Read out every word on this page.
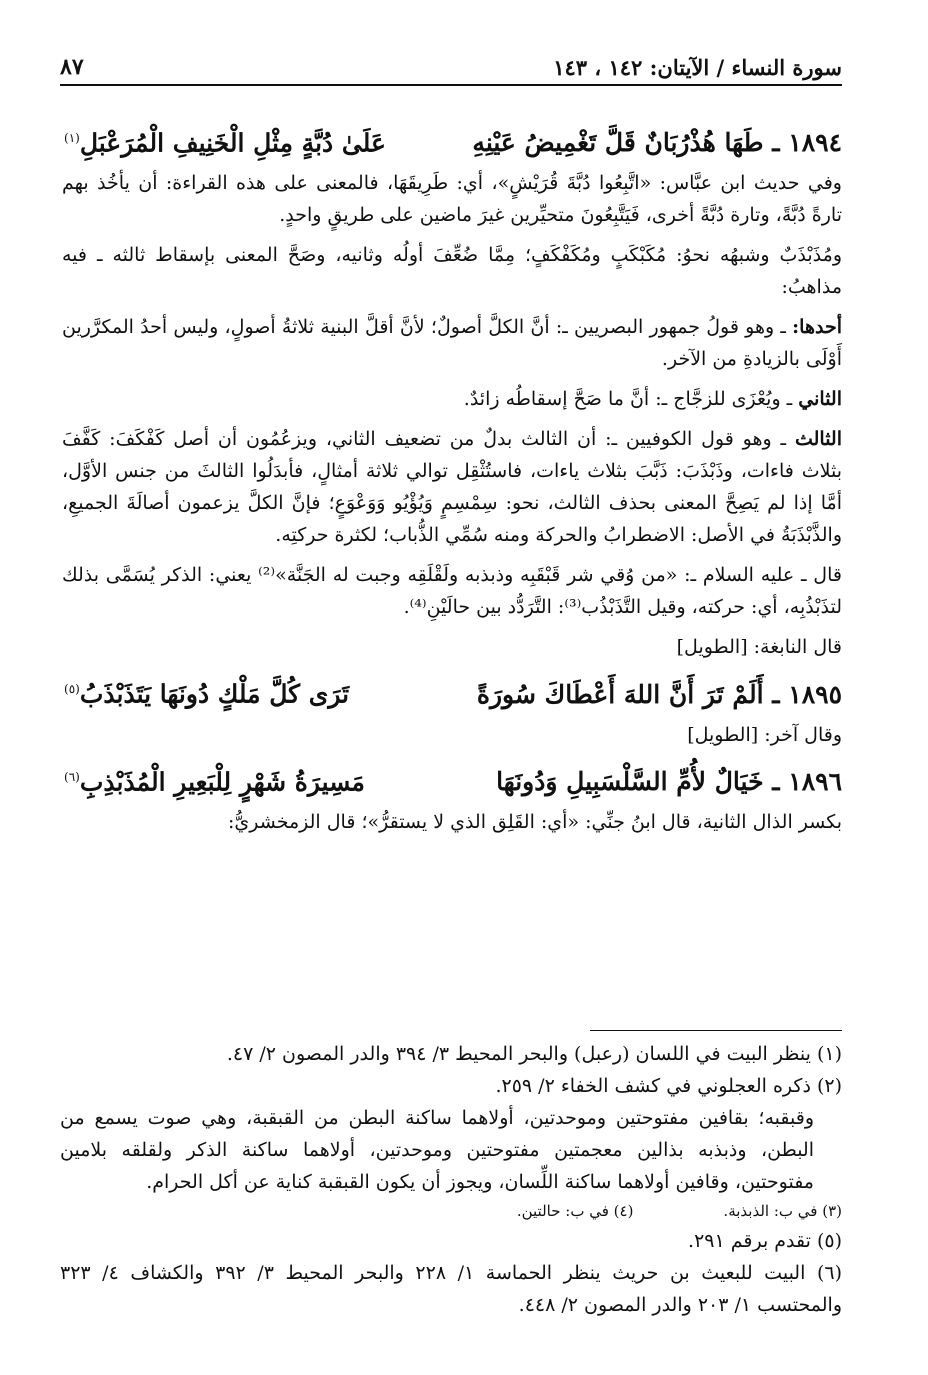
سورة النساء / الآيتان: ١٤٢ ، ١٤٣
٨٧
١٨٩٤ ـ طَهَا هُذْرُبَانٌ قَلَّ تَغْمِيضُ عَيْنِهِ
عَلَىٰ دُبَّةٍ مِثْلِ الْخَنِيفِ الْمُرَعْبَلِ$^{(١)}$

وفي حديث ابن عبَّاس: «اتَّبِعُوا دُبَّةَ قُرَيْشٍ»، أي: طَرِيقَهَا، فالمعنى على هذه القراءة: أن يأخُذ بهم تارةً دُبَّةً، وتارة دُبَّةً أخرى، فَيَتَّبِعُونَ متحيِّرين غيرَ ماضين على طريقٍ واحدٍ.

ومُذَبْذَبٌ وشبهُه نحوُ: مُكَبْكَبٍ ومُكَفْكَفٍ؛ مِمَّا ضُعِّفَ أولُه وثانيه، وصَحَّ المعنى بإسقاط ثالثه ـ فيه مذاهبُ:

أحدها: ـ وهو قولُ جمهور البصريين ـ: أنَّ الكلَّ أصولٌ؛ لأنَّ أقلَّ البنية ثلاثةُ أصولٍ، وليس أحدُ المكرَّرين أَوْلَى بالزيادةِ من الآخر.

الثاني ـ ويُعْزَى للزجَّاج ـ: أنَّ ما صَحَّ إسقاطُه زائدٌ.

الثالث ـ وهو قول الكوفيين ـ: أن الثالث بدلٌ من تضعيف الثاني، ويزعُمُون أن أصل كَفْكَفَ: كَفَّفَ بثلاث فاءات، وذَبْذَبَ: ذَبَّبَ بثلاث ياءات، فاستُثْقِل توالي ثلاثة أمثالٍ، فأبدَلُوا الثالثَ من جنس الأوَّل، أمَّا إذا لم يَصِحَّ المعنى بحذف الثالث، نحو: سِمْسِمٍ وَيُؤْيُو وَوَعْوَعٍ؛ فإنَّ الكلَّ يزعمون أصالَةَ الجميعِ، والذَّبْذَبَةُ في الأصل: الاضطرابُ والحركة ومنه سُمِّي الذُّباب؛ لكثرة حركتِه.

قال ـ عليه السلام ـ: «من وُقي شر قَبْقَبِه وذبذبه ولَقْلَقِه وجبت له الجَنَّة»⁽²⁾ يعني: الذكر يُسَمَّى بذلك لتذَبْذُبِه، أي: حركته، وقيل التَّذَبْذُب⁽³⁾: التَّرَدُّد بين حالَيْنِ⁽⁴⁾.

قال النابغة: [الطويل]

١٨٩٥ ـ أَلَمْ تَرَ أَنَّ اللهَ أَعْطَاكَ سُورَةً
تَرَى كُلَّ مَلْكٍ دُونَهَا يَتَذَبْذَبُ$^{(٥)}$

وقال آخر: [الطويل]

١٨٩٦ ـ خَيَالٌ لأُمِّ السَّلْسَبِيلِ وَدُونَهَا
مَسِيرَةُ شَهْرٍ لِلْبَعِيرِ الْمُذَبْذِبِ$^{(٦)}$

بكسر الذال الثانية، قال ابنُ جنِّي: «أي: القَلِق الذي لا يستقرُّ»؛ قال الزمخشريُّ:

(١) ينظر البيت في اللسان (رعبل) والبحر المحيط ٣/ ٣٩٤ والدر المصون ٢/ ٤٧.

(٢) ذكره العجلوني في كشف الخفاء ٢/ ٢٥٩.

وقبقبه؛ بقافين مفتوحتين وموحدتين، أولاهما ساكنة البطن من القبقبة، وهي صوت يسمع من البطن، وذبذبه بذالين معجمتين مفتوحتين وموحدتين، أولاهما ساكنة الذكر ولقلقه بلامين مفتوحتين، وقافين أولاهما ساكنة اللِّسان، ويجوز أن يكون القبقبة كناية عن أكل الحرام.

(٣) في ب: الذبذبة.
(٤) في ب: حالتين.

(٥) تقدم برقم ٢٩١.

(٦) البيت للبعيث بن حريث ينظر الحماسة ١/ ٢٢٨ والبحر المحيط ٣/ ٣٩٢ والكشاف ٤/ ٣٢٣ والمحتسب ١/ ٢٠٣ والدر المصون ٢/ ٤٤٨.
